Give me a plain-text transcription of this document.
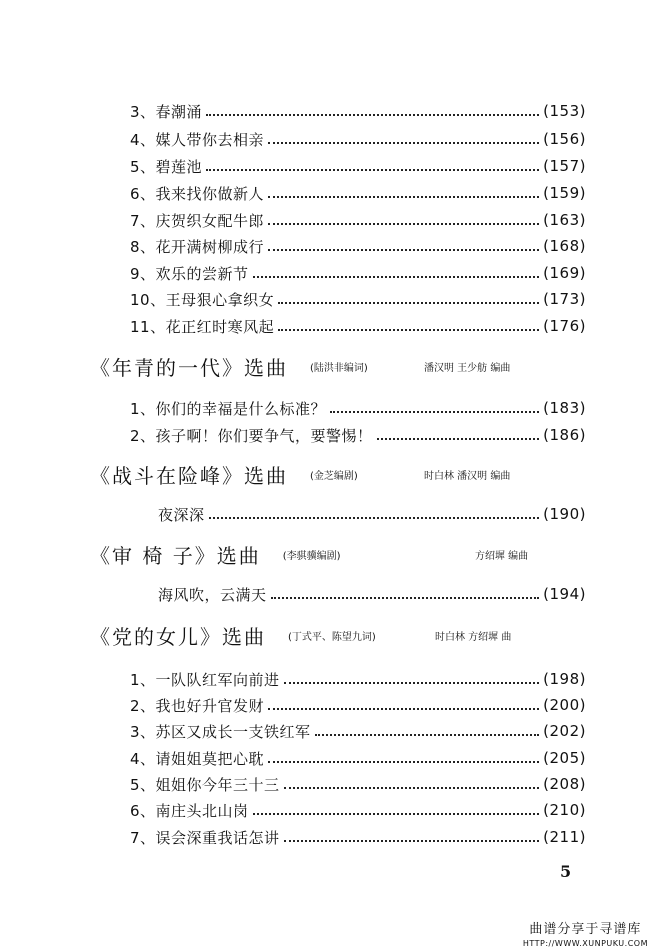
3、 春潮涌	(153)
4、 媒人带你去相亲	(156)
5、 碧莲池	(157)
6、 我来找你做新人	(159)
7、 庆贺织女配牛郎	(163)
8、 花开满树柳成行	(168)
9、 欢乐的尝新节	(169)
10、 王母狠心拿织女	(173)
11、 花正红时寒风起	(176)
《年青的一代》选曲 (陆洪非编词)	潘汉明 王少舫 编曲
1、 你们的幸福是什么标准？	(183)
2、 孩子啊！你们要争气，要警惕！	(186)
《战斗在险峰》选曲 (金芝编剧)	时白林 潘汉明 编曲
夜深深	(190)
《审 椅 子》选曲 (李骐骥编剧)	方绍墀 编曲
海风吹，云满天	(194)
《党的女儿》选曲 (丁式平、陈望九词)	时白林 方绍墀 曲
1、 一队队红军向前进	(198)
2、 我也好升官发财	(200)
3、 苏区又成长一支铁红军	(202)
4、 请姐姐莫把心耽	(205)
5、 姐姐你今年三十三	(208)
6、 南庄头北山岗	(210)
7、 误会深重我话怎讲	(211)
5
曲谱分享于寻谱库
HTTP://WWW.XUNPUKU.COM
